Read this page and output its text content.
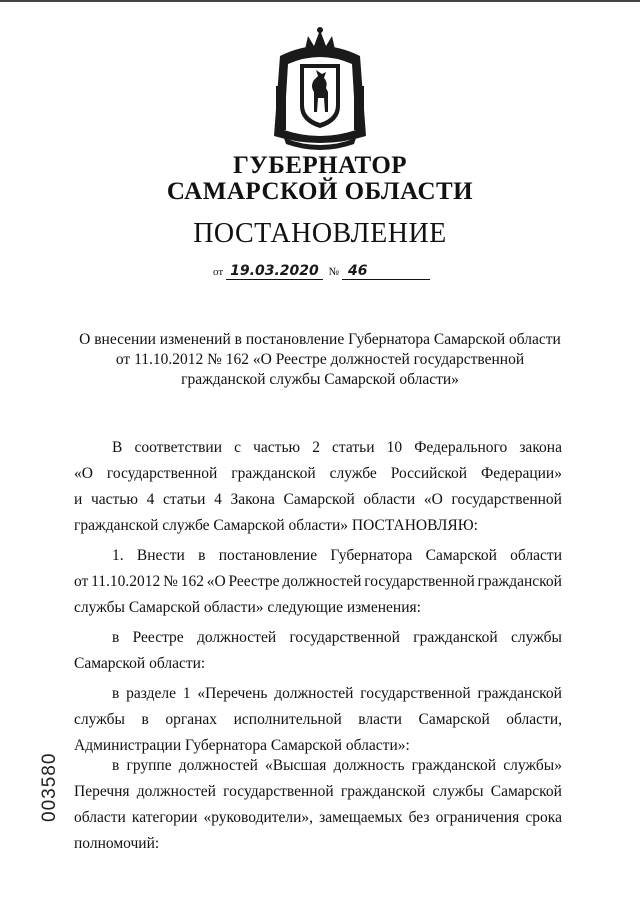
ГУБЕРНАТОР
САМАРСКОЙ ОБЛАСТИ
ПОСТАНОВЛЕНИЕ
от 19.03.2020 № 46
О внесении изменений в постановление Губернатора Самарской области
от 11.10.2012 № 162 «О Реестре должностей государственной
гражданской службы Самарской области»
В соответствии с частью 2 статьи 10 Федерального закона
«О государственной гражданской службе Российской Федерации»
и частью 4 статьи 4 Закона Самарской области «О государственной
гражданской службе Самарской области» ПОСТАНОВЛЯЮ:
1. Внести в постановление Губернатора Самарской области
от 11.10.2012 № 162 «О Реестре должностей государственной гражданской
службы Самарской области» следующие изменения:
в Реестре должностей государственной гражданской службы
Самарской области:
в разделе 1 «Перечень должностей государственной гражданской
службы в органах исполнительной власти Самарской области,
Администрации Губернатора Самарской области»:
в группе должностей «Высшая должность гражданской службы»
Перечня должностей государственной гражданской службы Самарской
области категории «руководители», замещаемых без ограничения срока
полномочий:
003580
